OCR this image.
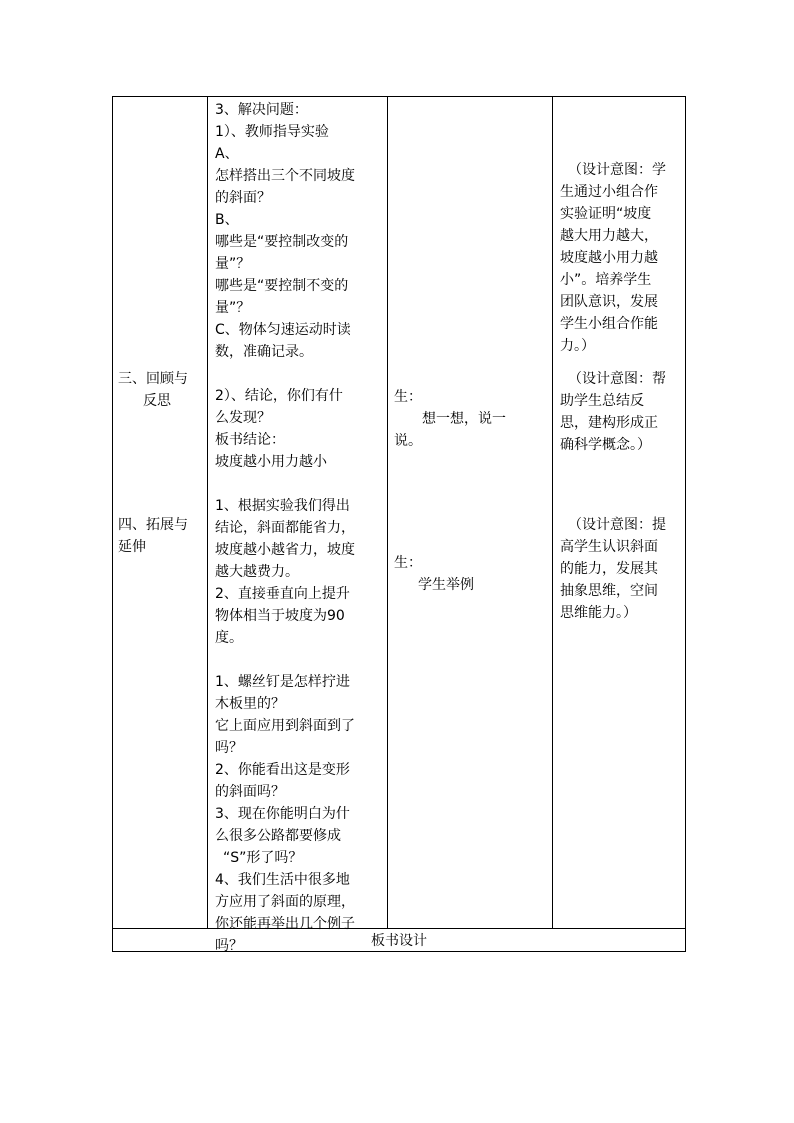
三、回顾与

反思

四、拓展与

延伸

3、解决问题：

1）、教师指导实验

A、

怎样搭出三个不同坡度

的斜面？

B、

哪些是“要控制改变的

量”？

哪些是“要控制不变的

量”？

C、物体匀速运动时读

数，准确记录。

2）、结论，你们有什

么发现？

板书结论：

坡度越小用力越小

1、根据实验我们得出

结论，斜面都能省力，

坡度越小越省力，坡度

越大越费力。

2、直接垂直向上提升

物体相当于坡度为90

度。

1、螺丝钉是怎样拧进

木板里的？

它上面应用到斜面到了

吗？

2、你能看出这是变形

的斜面吗？

3、现在你能明白为什

么很多公路都要修成

“S”形了吗？

4、我们生活中很多地

方应用了斜面的原理，

你还能再举出几个例子

吗？

生：

想一想，说一

说。

生：

学生举例

（设计意图：学

生通过小组合作

实验证明“坡度

越大用力越大，

坡度越小用力越

小”。培养学生

团队意识，发展

学生小组合作能

力。）

（设计意图：帮

助学生总结反

思，建构形成正

确科学概念。）

（设计意图：提

高学生认识斜面

的能力，发展其

抽象思维，空间

思维能力。）

板书设计
